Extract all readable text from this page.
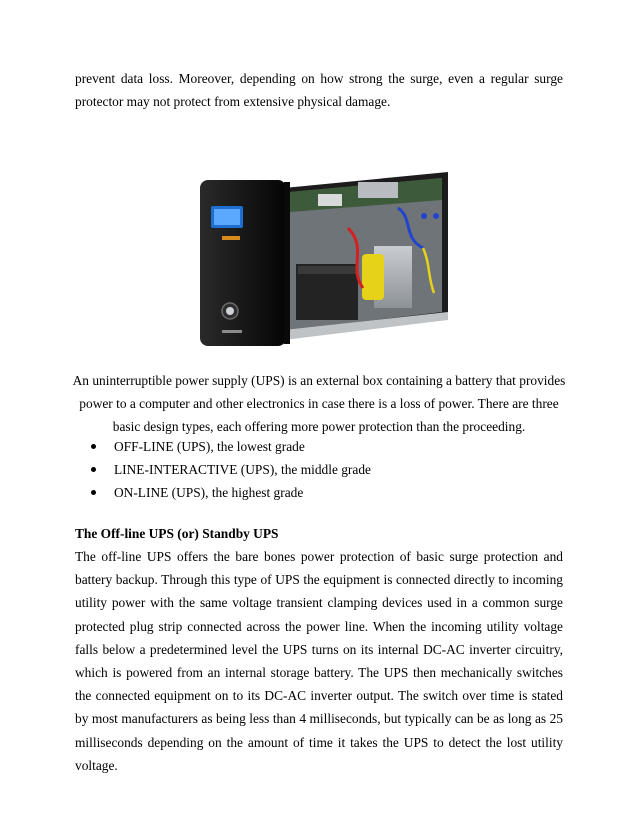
prevent data loss. Moreover, depending on how strong the surge, even a regular surge protector may not protect from extensive physical damage.

An uninterruptible power supply (UPS) is an external box containing a battery that provides power to a computer and other electronics in case there is a loss of power. There are three basic design types, each offering more power protection than the proceeding.

OFF-LINE (UPS), the lowest grade
LINE-INTERACTIVE (UPS), the middle grade
ON-LINE (UPS), the highest grade
The Off-line UPS (or) Standby UPS

The off-line UPS offers the bare bones power protection of basic surge protection and battery backup. Through this type of UPS the equipment is connected directly to incoming utility power with the same voltage transient clamping devices used in a common surge protected plug strip connected across the power line. When the incoming utility voltage falls below a predetermined level the UPS turns on its internal DC-AC inverter circuitry, which is powered from an internal storage battery. The UPS then mechanically switches the connected equipment on to its DC-AC inverter output. The switch over time is stated by most manufacturers as being less than 4 milliseconds, but typically can be as long as 25 milliseconds depending on the amount of time it takes the UPS to detect the lost utility voltage.
